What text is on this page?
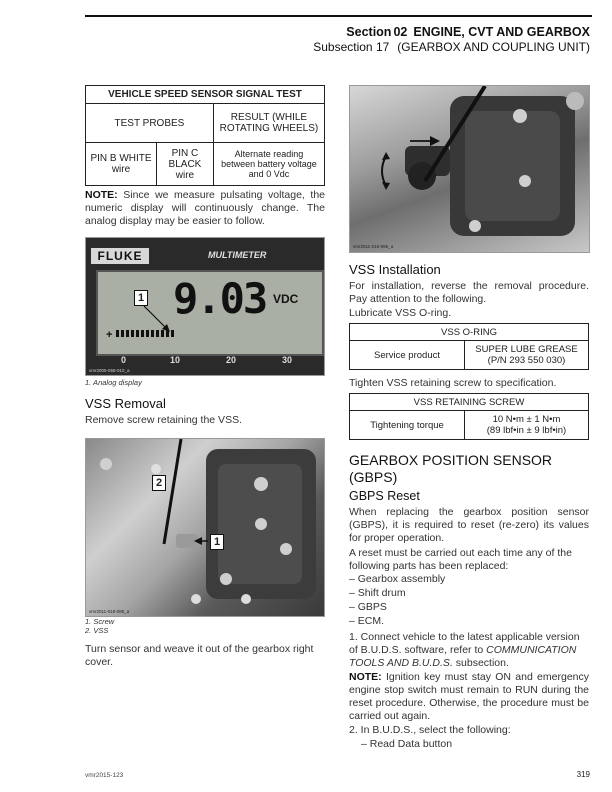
Section 02 ENGINE, CVT AND GEARBOX
Subsection 17 (GEARBOX AND COUPLING UNIT)
VEHICLE SPEED SENSOR SIGNAL TEST		
TEST PROBES		RESULT (WHILE ROTATING WHEELS)
PIN B WHITE wire	PIN C BLACK wire	Alternate reading between battery voltage and 0 Vdc

NOTE: Since we measure pulsating voltage, the numeric display will continuously change. The analog display may be easier to follow.

FLUKE	MULTIMETER
9.03 VDC
1
+
0	10	20	30
vmr2005-058-010_a

1. Analog display

VSS Removal

Remove screw retaining the VSS.

2
1
vmr2011-018-088_a

1. Screw

2. VSS

Turn sensor and weave it out of the gearbox right cover.

vmr2011-018-089_a
VSS Installation

For installation, reverse the removal procedure. Pay attention to the following.

Lubricate VSS O-ring.

VSS O-RING
Service product	SUPER LUBE GREASE
(P/N 293 550 030)

Tighten VSS retaining screw to specification.

VSS RETAINING SCREW
Tightening torque	10 N•m ± 1 N•m
(89 lbf•in ± 9 lbf•in)
GEARBOX POSITION SENSOR
(GBPS)
GBPS Reset

When replacing the gearbox position sensor (GBPS), it is required to reset (re-zero) its values for proper operation.

A reset must be carried out each time any of the following parts has been replaced:

– Gearbox assembly
– Shift drum
– GBPS
– ECM.

1. Connect vehicle to the latest applicable version of B.U.D.S. software, refer to COMMUNICATION TOOLS AND B.U.D.S. subsection.

NOTE: Ignition key must stay ON and emergency engine stop switch must remain to RUN during the reset procedure. Otherwise, the procedure must be carried out again.

2. In B.U.D.S., select the following:

– Read Data button

vmr2015-123	319
